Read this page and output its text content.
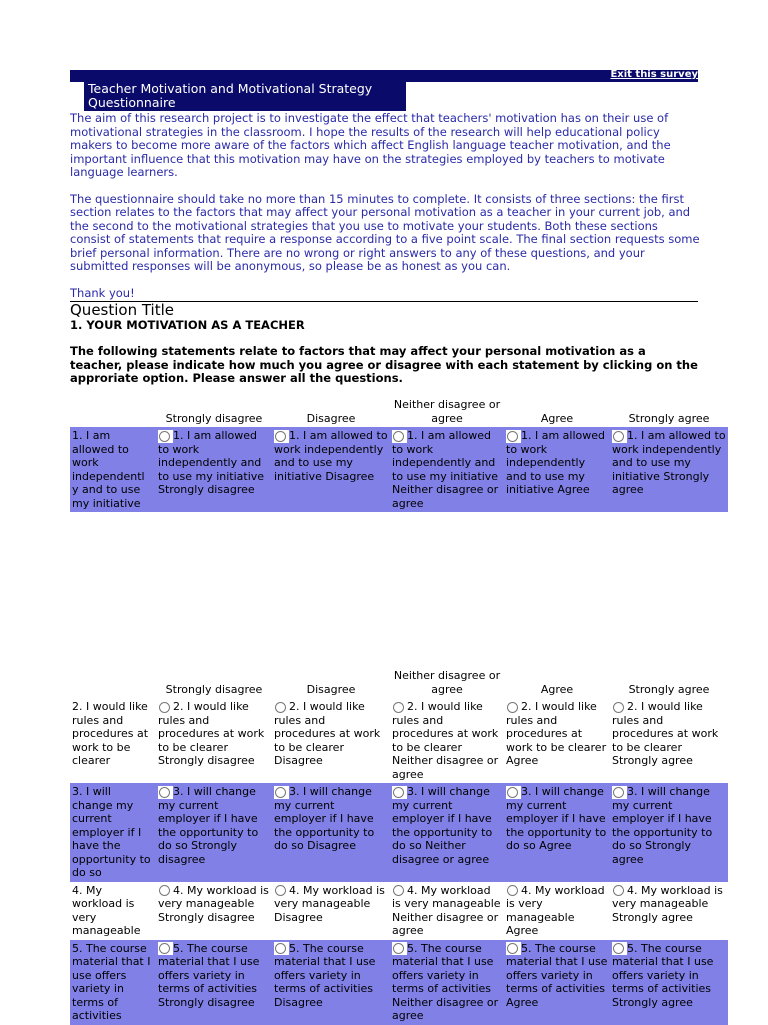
Exit this survey
Teacher Motivation and Motivational Strategy Questionnaire

The aim of this research project is to investigate the effect that teachers' motivation has on their use of motivational strategies in the classroom. I hope the results of the research will help educational policy makers to become more aware of the factors which affect English language teacher motivation, and the important influence that this motivation may have on the strategies employed by teachers to motivate language learners.

The questionnaire should take no more than 15 minutes to complete. It consists of three sections: the first section relates to the factors that may affect your personal motivation as a teacher in your current job, and the second to the motivational strategies that you use to motivate your students. Both these sections consist of statements that require a response according to a five point scale. The final section requests some brief personal information. There are no wrong or right answers to any of these questions, and your submitted responses will be anonymous, so please be as honest as you can.

Thank you!

Question Title
1. YOUR MOTIVATION AS A TEACHER
The following statements relate to factors that may affect your personal motivation as a teacher, please indicate how much you agree or disagree with each statement by clicking on the approriate option. Please answer all the questions.
	Strongly disagree	Disagree	Neither disagree or agree	Agree	Strongly agree
1. I am allowed to work independentl y and to use my initiative	1. I am allowed to work independently and to use my initiative Strongly disagree	1. I am allowed to work independently and to use my initiative Disagree	1. I am allowed to work independently and to use my initiative Neither disagree or agree	1. I am allowed to work independently and to use my initiative Agree	1. I am allowed to work independently and to use my initiative Strongly agree
	Strongly disagree	Disagree	Neither disagree or agree	Agree	Strongly agree
2. I would like rules and procedures at work to be clearer	2. I would like rules and procedures at work to be clearer Strongly disagree	2. I would like rules and procedures at work to be clearer Disagree	2. I would like rules and procedures at work to be clearer Neither disagree or agree	2. I would like rules and procedures at work to be clearer Agree	2. I would like rules and procedures at work to be clearer Strongly agree
3. I will change my current employer if I have the opportunity to do so	3. I will change my current employer if I have the opportunity to do so Strongly disagree	3. I will change my current employer if I have the opportunity to do so Disagree	3. I will change my current employer if I have the opportunity to do so Neither disagree or agree	3. I will change my current employer if I have the opportunity to do so Agree	3. I will change my current employer if I have the opportunity to do so Strongly agree
4. My workload is very manageable	4. My workload is very manageable Strongly disagree	4. My workload is very manageable Disagree	4. My workload is very manageable Neither disagree or agree	4. My workload is very manageable Agree	4. My workload is very manageable Strongly agree
5. The course material that I use offers variety in terms of activities	5. The course material that I use offers variety in terms of activities Strongly disagree	5. The course material that I use offers variety in terms of activities Disagree	5. The course material that I use offers variety in terms of activities Neither disagree or agree	5. The course material that I use offers variety in terms of activities Agree	5. The course material that I use offers variety in terms of activities Strongly agree
